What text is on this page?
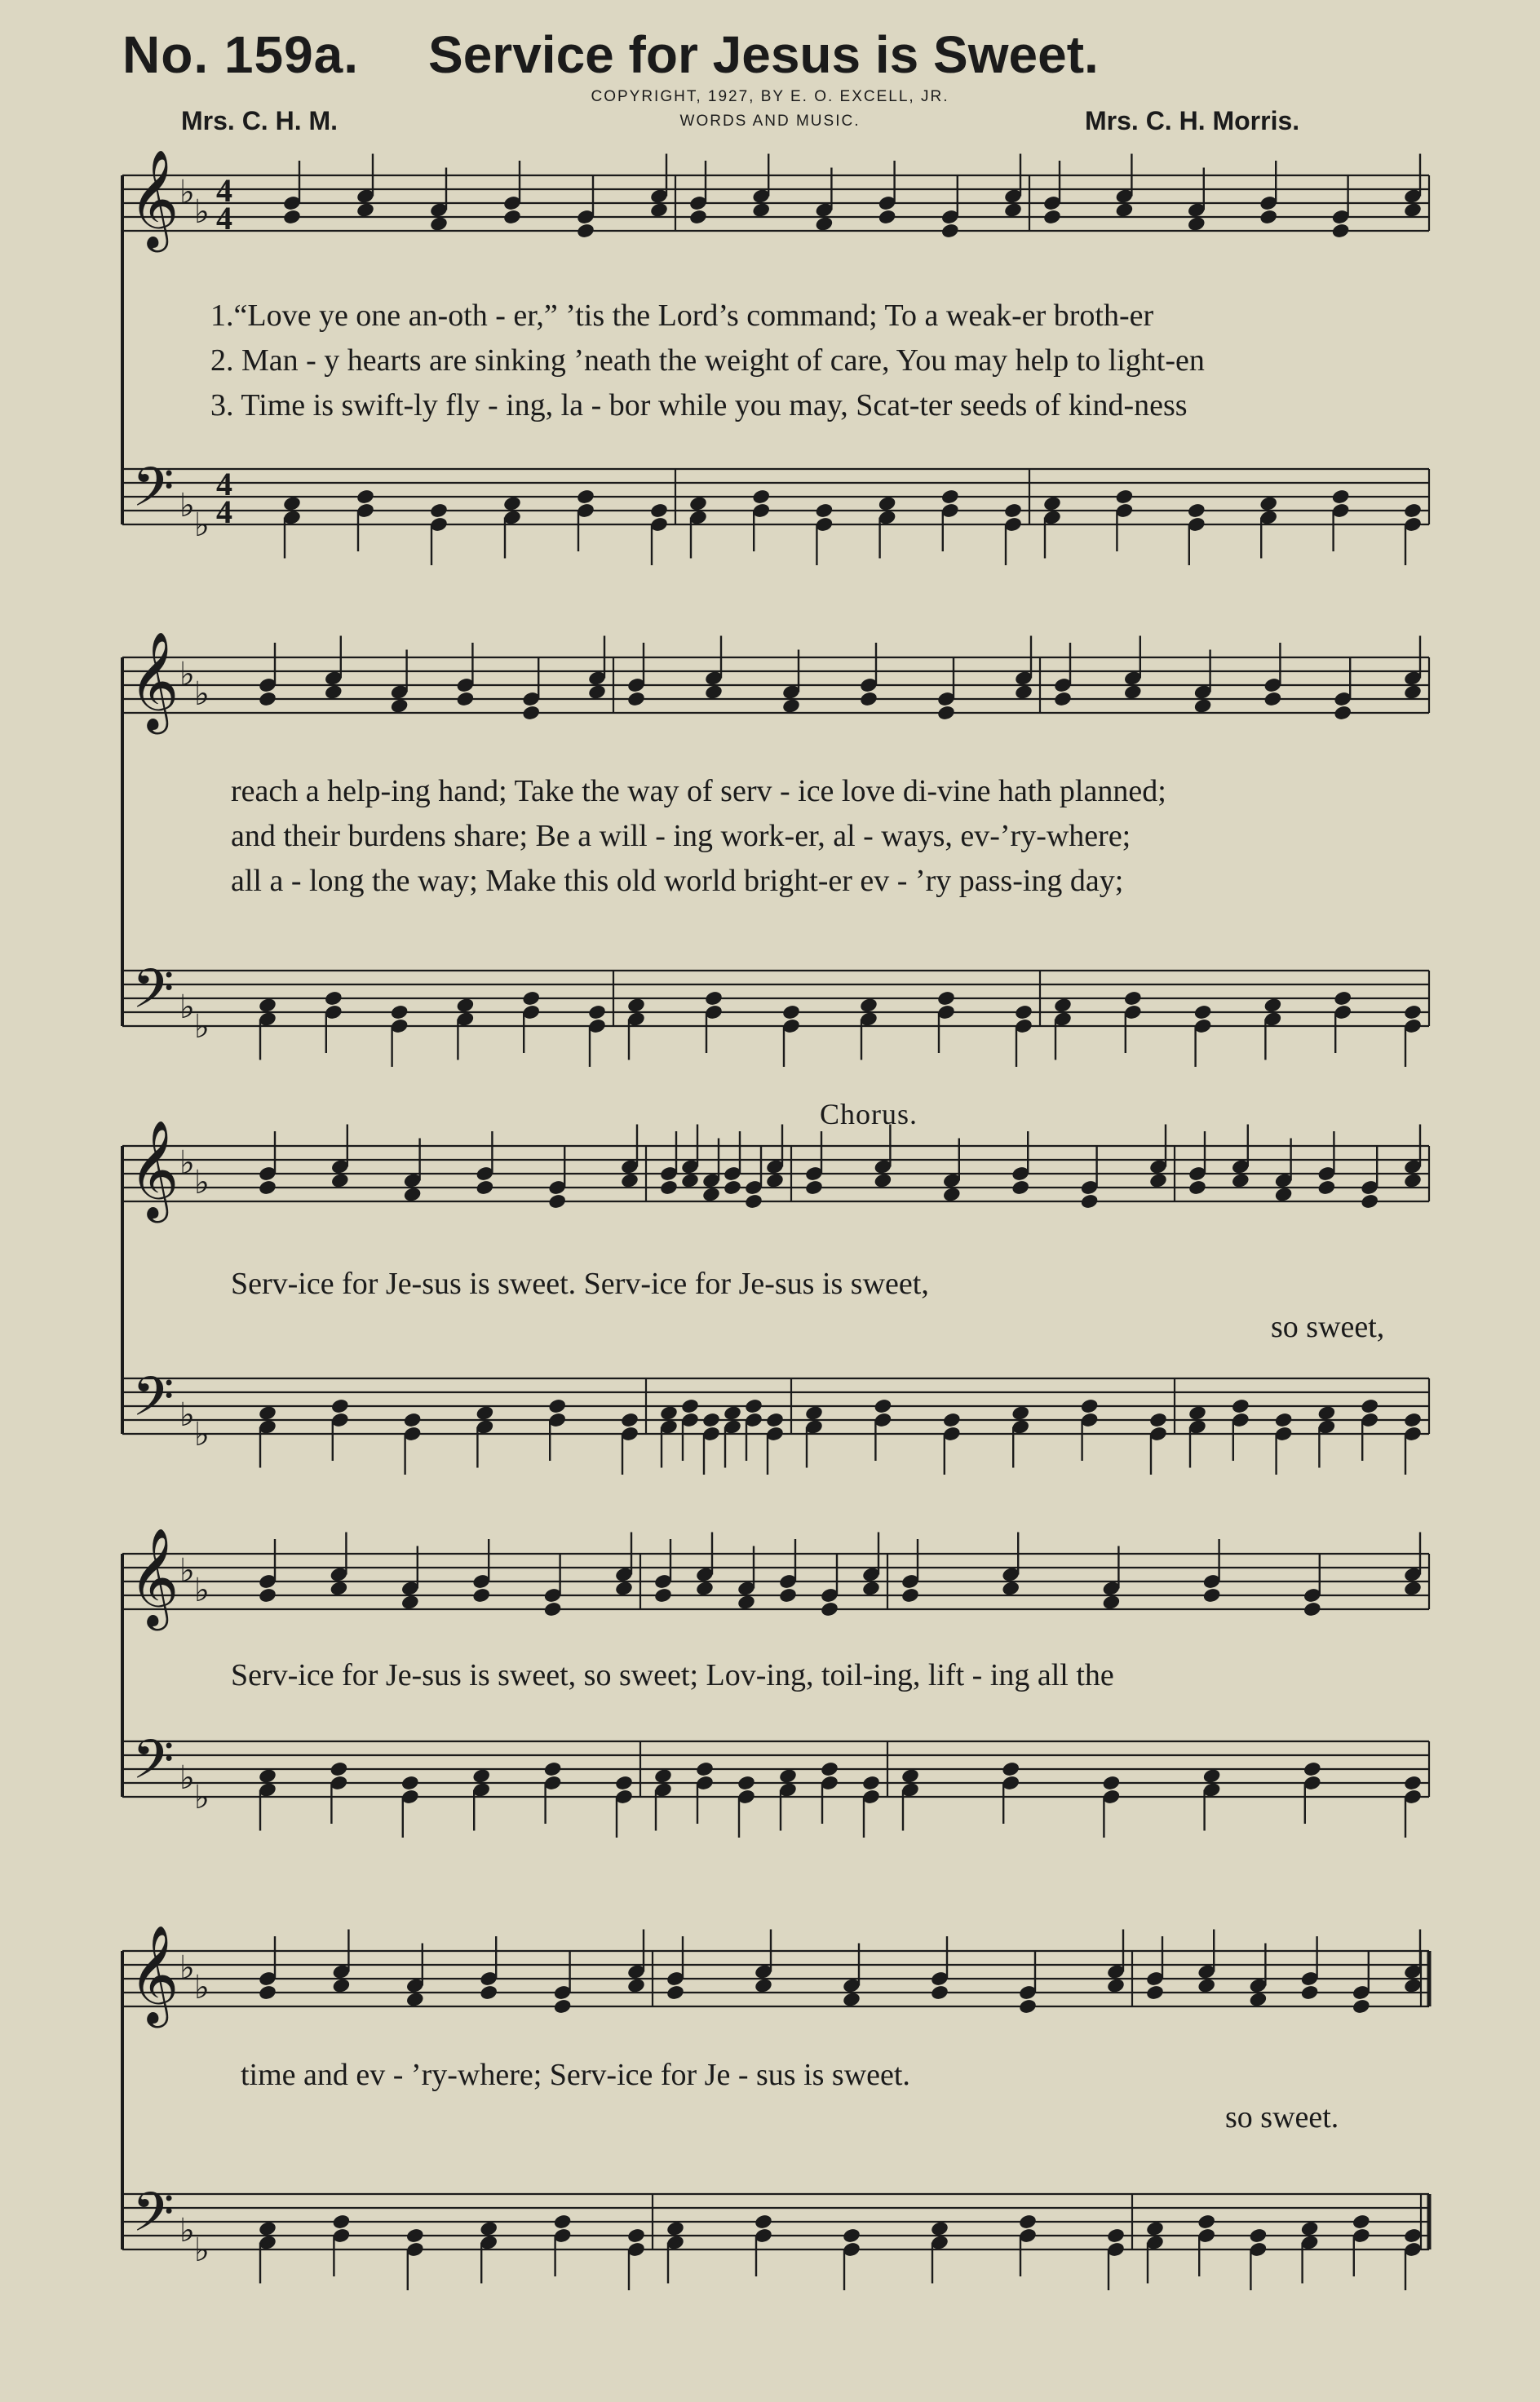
No. 159a. Service for Jesus is Sweet.
COPYRIGHT, 1927, BY E. O. EXCELL, JR.
WORDS AND MUSIC.
Mrs. C. H. M.	Mrs. C. H. Morris.
𝄞
𝄢
♭
♭
♭
♭
4
4
4
4
𝄞
𝄢
♭
♭
♭
♭
𝄞
𝄢
♭
♭
♭
♭
𝄞
𝄢
♭
♭
♭
♭
𝄞
𝄢
♭
♭
♭
♭
1.“Love ye one an-oth - er,” ’tis the Lord’s command; To a weak-er broth-er
2. Man - y hearts are sinking ’neath the weight of care, You may help to light-en
3. Time is swift-ly fly - ing, la - bor while you may, Scat-ter seeds of kind-ness
reach a help-ing hand; Take the way of serv - ice love di-vine hath planned;
and their burdens share; Be a will - ing work-er, al - ways, ev-’ry-where;
all a - long the way; Make this old world bright-er ev - ’ry pass-ing day;
Chorus.
Serv-ice for Je-sus is sweet. Serv-ice for Je-sus is sweet,
so sweet,
Serv-ice for Je-sus is sweet, so sweet; Lov-ing, toil-ing, lift - ing all the
time and ev - ’ry-where; Serv-ice for Je - sus is sweet.
so sweet.
